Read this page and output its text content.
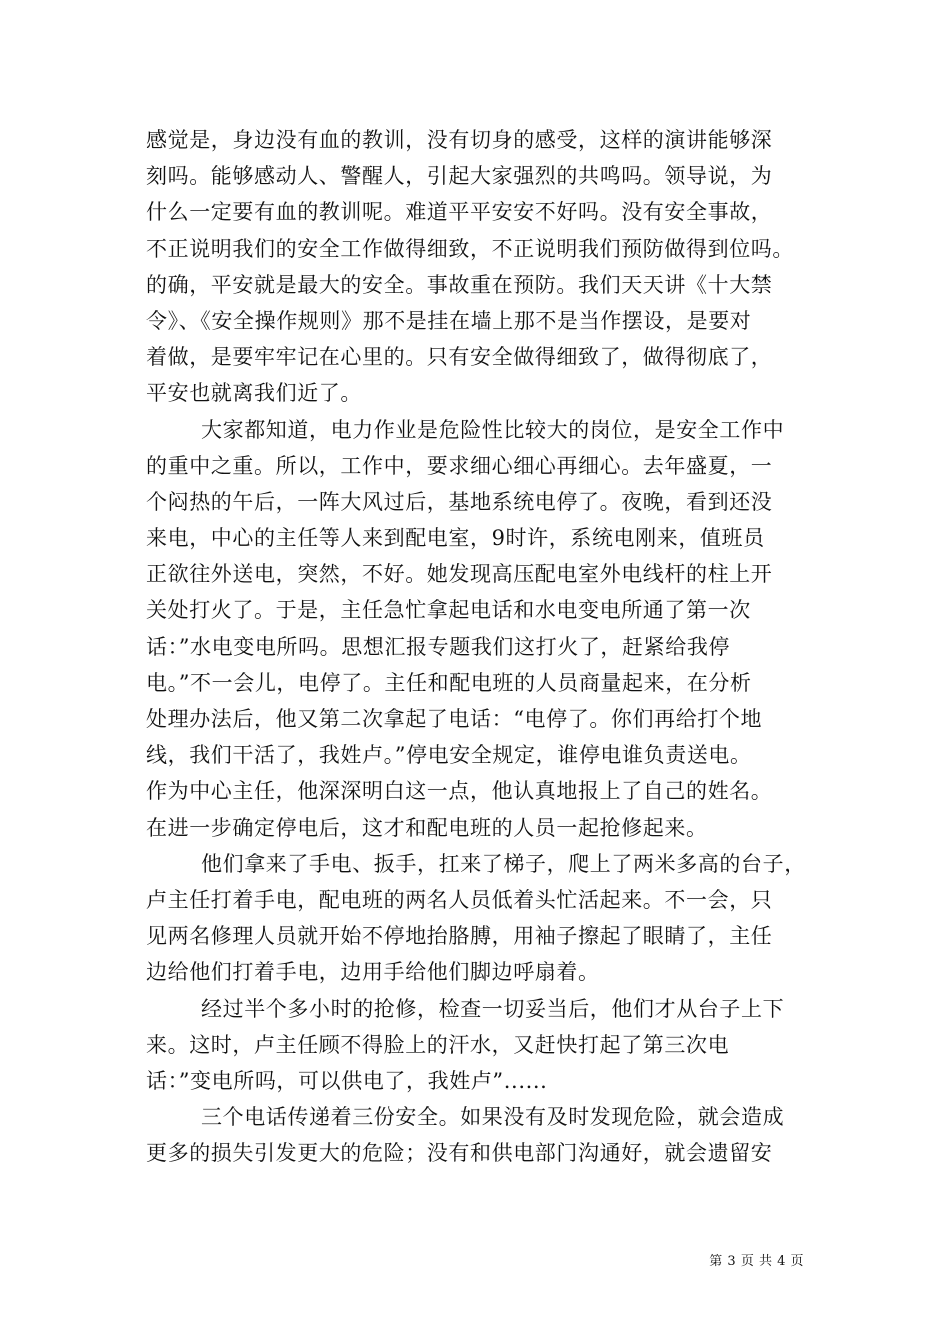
感觉是，身边没有血的教训，没有切身的感受，这样的演讲能够深
刻吗。能够感动人、警醒人，引起大家强烈的共鸣吗。领导说，为
什么一定要有血的教训呢。难道平平安安不好吗。没有安全事故，
不正说明我们的安全工作做得细致，不正说明我们预防做得到位吗。
的确，平安就是最大的安全。事故重在预防。我们天天讲《十大禁
令》、《安全操作规则》那不是挂在墙上那不是当作摆设，是要对
着做，是要牢牢记在心里的。只有安全做得细致了，做得彻底了，
平安也就离我们近了。
大家都知道，电力作业是危险性比较大的岗位，是安全工作中
的重中之重。所以，工作中，要求细心细心再细心。去年盛夏，一
个闷热的午后，一阵大风过后，基地系统电停了。夜晚，看到还没
来电，中心的主任等人来到配电室，9时许，系统电刚来，值班员
正欲往外送电，突然，不好。她发现高压配电室外电线杆的柱上开
关处打火了。于是，主任急忙拿起电话和水电变电所通了第一次
话：”水电变电所吗。思想汇报专题我们这打火了，赶紧给我停
电。”不一会儿，电停了。主任和配电班的人员商量起来，在分析
处理办法后，他又第二次拿起了电话：“电停了。你们再给打个地
线，我们干活了，我姓卢。”停电安全规定，谁停电谁负责送电。
作为中心主任，他深深明白这一点，他认真地报上了自己的姓名。
在进一步确定停电后，这才和配电班的人员一起抢修起来。
他们拿来了手电、扳手，扛来了梯子，爬上了两米多高的台子，
卢主任打着手电，配电班的两名人员低着头忙活起来。不一会，只
见两名修理人员就开始不停地抬胳膊，用袖子擦起了眼睛了，主任
边给他们打着手电，边用手给他们脚边呼扇着。
经过半个多小时的抢修，检查一切妥当后，他们才从台子上下
来。这时，卢主任顾不得脸上的汗水，又赶快打起了第三次电
话：”变电所吗，可以供电了，我姓卢”......
三个电话传递着三份安全。如果没有及时发现危险，就会造成
更多的损失引发更大的危险；没有和供电部门沟通好，就会遗留安
第 3 页 共 4 页
